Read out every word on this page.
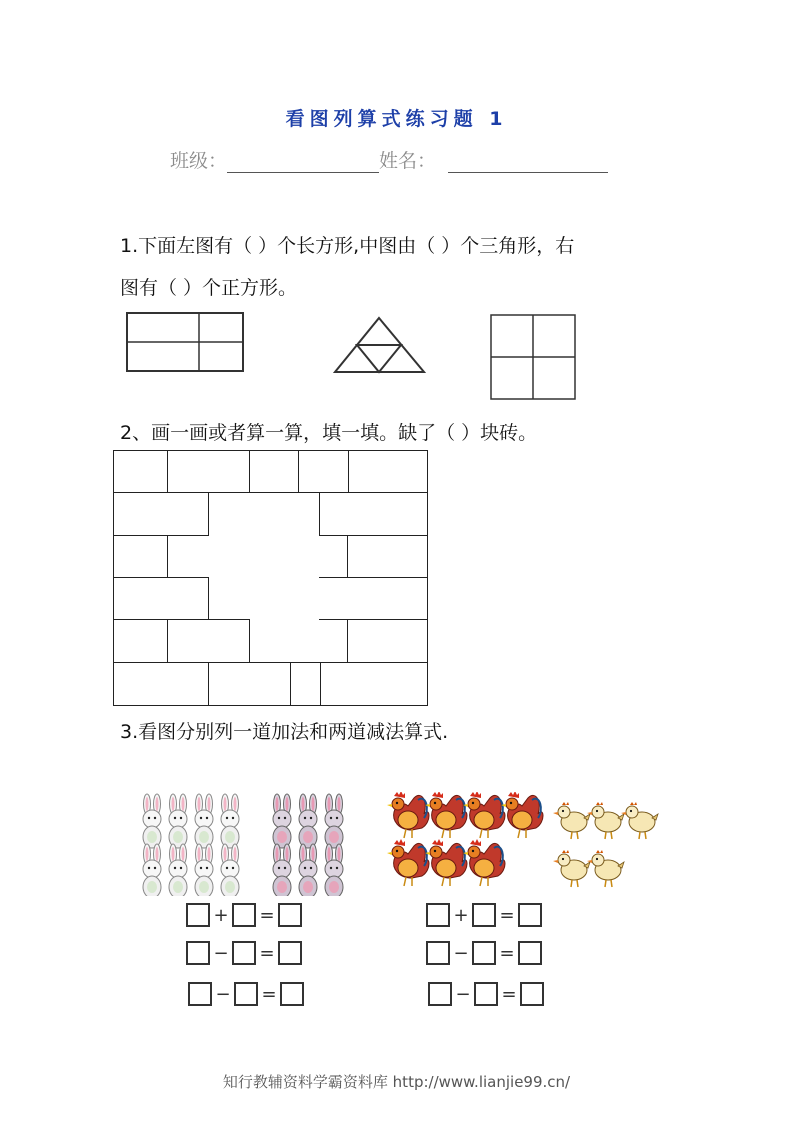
看图列算式练习题 1
班级：	姓名：
1.下面左图有（ ）个长方形,中图由（ ）个三角形，右
图有（ ）个正方形。
2、画一画或者算一算，填一填。缺了（ ）块砖。
3.看图分别列一道加法和两道减法算式.
+ =
− =
− =
+ =
− =
− =
知行教辅资料学霸资料库 http://www.lianjie99.cn/
